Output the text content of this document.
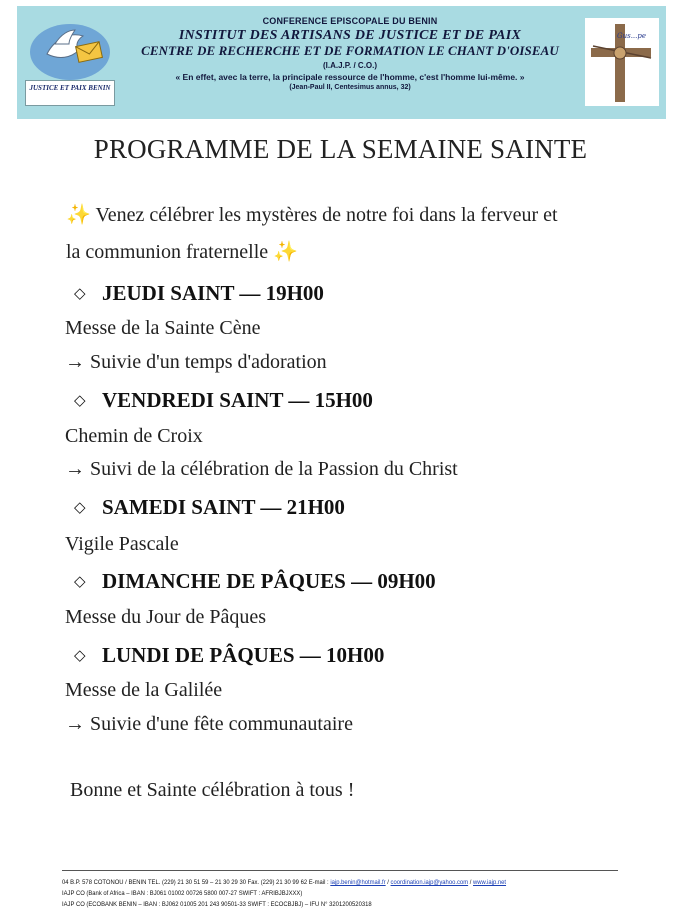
JUSTICE ET PAIX BENIN
CONFERENCE EPISCOPALE DU BENIN
INSTITUT DES ARTISANS DE JUSTICE ET DE PAIX
CENTRE DE RECHERCHE ET DE FORMATION LE CHANT D'OISEAU
(I.A.J.P. / C.O.)
« En effet, avec la terre, la principale ressource de l'homme, c'est l'homme lui-même. »
(Jean-Paul II, Centesimus annus, 32)
Gus...pe
PROGRAMME DE LA SEMAINE SAINTE
✨ Venez célébrer les mystères de notre foi dans la ferveur et
la communion fraternelle ✨
◇ JEUDI SAINT — 19H00
Messe de la Sainte Cène
→ Suivie d'un temps d'adoration
◇ VENDREDI SAINT — 15H00
Chemin de Croix
→ Suivi de la célébration de la Passion du Christ
◇ SAMEDI SAINT — 21H00
Vigile Pascale
◇ DIMANCHE DE PÂQUES — 09H00
Messe du Jour de Pâques
◇ LUNDI DE PÂQUES — 10H00
Messe de la Galilée
→ Suivie d'une fête communautaire
Bonne et Sainte célébration à tous !
04 B.P. 578 COTONOU / BENIN TEL. (229) 21 30 51 59 – 21 30 29 30 Fax. (229) 21 30 99 62 E-mail : iajp.benin@hotmail.fr / coordination.iajp@yahoo.com / www.iajp.net
IAJP CO (Bank of Africa – IBAN : BJ061 01002 00726 5800 007-27 SWIFT : AFRIBJBJXXX)
IAJP CO (ECOBANK BENIN – IBAN : BJ062 01005 201 243 90501-33 SWIFT : ECOCBJBJ) – IFU N° 3201200520318
